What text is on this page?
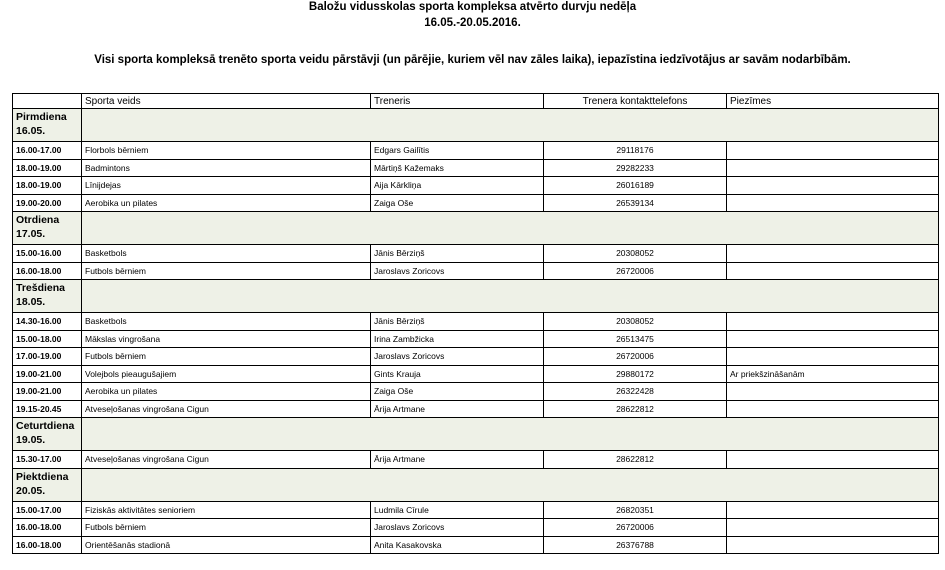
Baložu vidusskolas sporta kompleksa atvērto durvju nedēļa
16.05.-20.05.2016.
Visi sporta kompleksā trenēto sporta veidu pārstāvji (un pārējie, kuriem vēl nav zāles laika), iepazīstina iedzīvotājus ar savām nodarbībām.
	Sporta veids	Treneris	Trenera kontakttelefons	Piezīmes
Pirmdiena
16.05.				
16.00-17.00	Florbols bērniem	Edgars Gailītis	29118176	
18.00-19.00	Badmintons	Mārtiņš Kažemaks	29282233	
18.00-19.00	Līnijdejas	Aija Kārkliņa	26016189	
19.00-20.00	Aerobika un pilates	Zaiga Oše	26539134	
Otrdiena
17.05.				
15.00-16.00	Basketbols	Jānis Bērziņš	20308052	
16.00-18.00	Futbols bērniem	Jaroslavs Zoricovs	26720006	
Trešdiena
18.05.				
14.30-16.00	Basketbols	Jānis Bērziņš	20308052	
15.00-18.00	Mākslas vingrošana	Irina Zambžicka	26513475	
17.00-19.00	Futbols bērniem	Jaroslavs Zoricovs	26720006	
19.00-21.00	Volejbols pieaugušajiem	Gints Krauja	29880172	Ar priekšzināšanām
19.00-21.00	Aerobika un pilates	Zaiga Oše	26322428	
19.15-20.45	Atveseļošanas vingrošana Cigun	Ārija Artmane	28622812	
Ceturtdiena
19.05.				
15.30-17.00	Atveseļošanas vingrošana Cigun	Ārija Artmane	28622812	
Piektdiena
20.05.				
15.00-17.00	Fiziskās aktivitātes senioriem	Ludmila Cīrule	26820351	
16.00-18.00	Futbols bērniem	Jaroslavs Zoricovs	26720006	
16.00-18.00	Orientēšanās stadionā	Anita Kasakovska	26376788	
